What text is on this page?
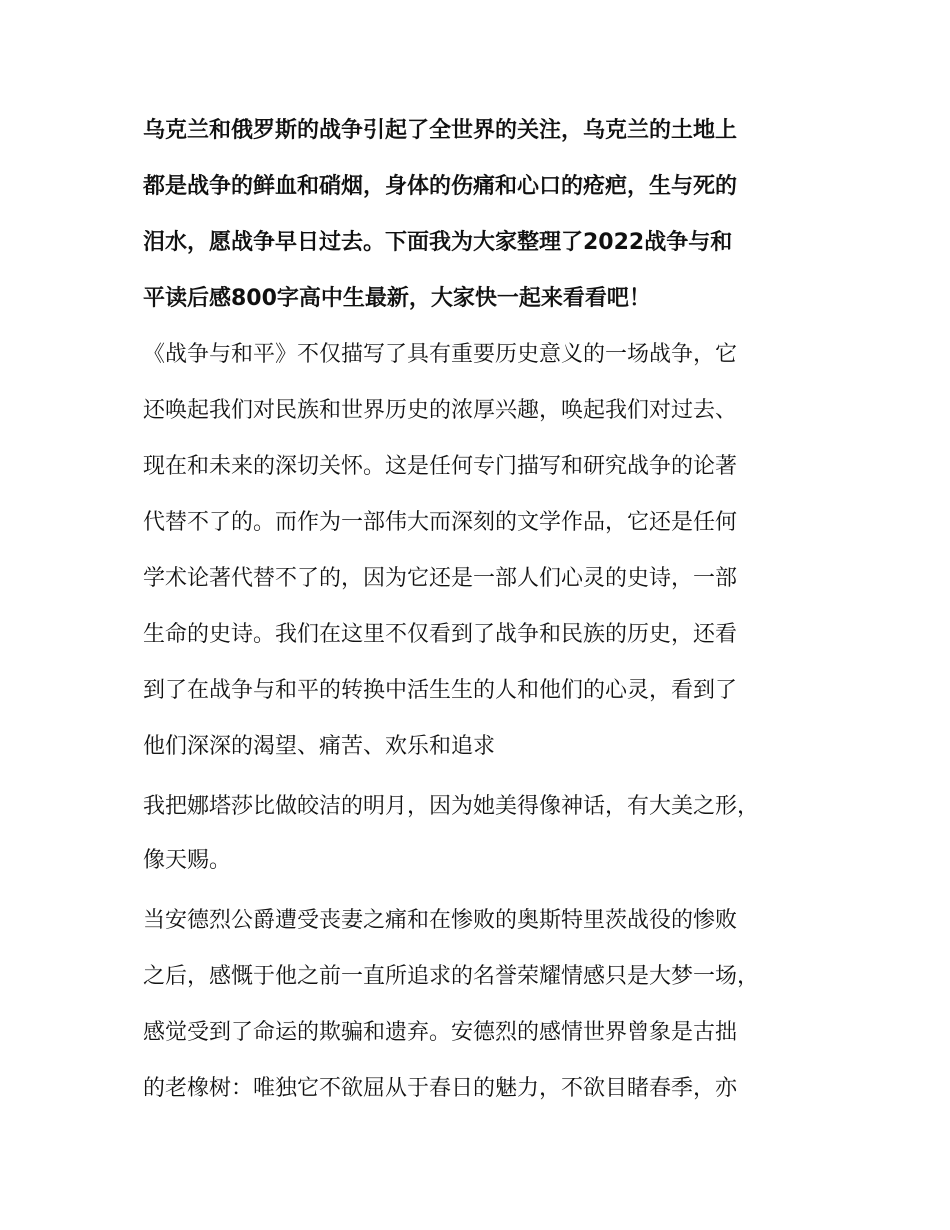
乌克兰和俄罗斯的战争引起了全世界的关注，乌克兰的土地上

都是战争的鲜血和硝烟，身体的伤痛和心口的疮疤，生与死的

泪水，愿战争早日过去。下面我为大家整理了2022战争与和

平读后感800字高中生最新，大家快一起来看看吧！

《战争与和平》不仅描写了具有重要历史意义的一场战争，它

还唤起我们对民族和世界历史的浓厚兴趣，唤起我们对过去、

现在和未来的深切关怀。这是任何专门描写和研究战争的论著

代替不了的。而作为一部伟大而深刻的文学作品，它还是任何

学术论著代替不了的，因为它还是一部人们心灵的史诗，一部

生命的史诗。我们在这里不仅看到了战争和民族的历史，还看

到了在战争与和平的转换中活生生的人和他们的心灵，看到了

他们深深的渴望、痛苦、欢乐和追求

我把娜塔莎比做皎洁的明月，因为她美得像神话，有大美之形，

像天赐。

当安德烈公爵遭受丧妻之痛和在惨败的奥斯特里茨战役的惨败

之后，感慨于他之前一直所追求的名誉荣耀情感只是大梦一场，

感觉受到了命运的欺骗和遗弃。安德烈的感情世界曾象是古拙

的老橡树：唯独它不欲屈从于春日的魅力，不欲目睹春季，亦
